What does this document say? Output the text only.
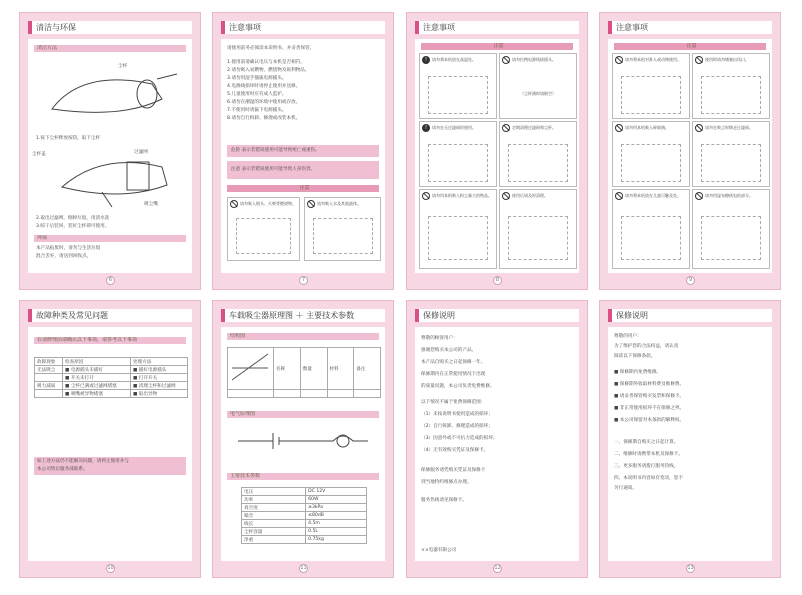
清洁与环保
清洁方法
尘杯
1.按下尘杯释放按钮，取下尘杯
尘杯盖	过滤网
吸尘嘴
2.取出过滤网，倒掉垃圾，用清水洗
3.晾干后装回，装好尘杯即可使用。
环保
本产品报废时，请勿与生活垃圾
混合丢弃，请送到回收点。
6
注意事项
请使用前务必阅读本说明书，并妥善保管。
1.使用前请确认电压与本机是否相符。
2.请勿吸入易燃物、燃烧物及锐利物品。
3.请勿用湿手插拔电源插头。
4.电源线损坏时请停止使用并送修。
5.儿童使用时应有成人监护。
6.请勿在潮湿的环境中使用或存放。
7.不使用时请拔下电源插头。
8.请勿自行拆卸、修理或改装本机。
危险 表示若错误使用可能导致死亡或重伤。
注意 表示若错误使用可能导致人身伤害。
注意
请勿吸入烟头、火柴等燃烧物。	请勿吸入水及其他液体。
7
注意事项
注意
!	请勿将本机放在高温处。	请勿拉拽电源线拔插头。
（尘杯满时请倒空）
!	请勿在无过滤网时使用。	定期清理过滤网和尘杯。
请勿用本机吸入粉尘量大的物品。	使用后请及时清理。
8
注意事项
注意
请勿将本机对准人或动物使用。	使用时请勿堵塞出风口。
请勿用本机吸入碎玻璃。	请勿在吸尘时移走过滤网。
请勿将本机放在儿童可触及处。	请勿用湿布擦拭电机部分。
9
故障种类及常见问题
在请修理前请确认以下事项，请参考以下事项
故障现象	检查原因	处理方法
无法吸尘	■ 电源插头未插好	■ 插好电源插头
	■ 开关未打开	■ 打开开关
吸力减弱	■ 尘杯已满或过滤网堵塞	■ 清理尘杯和过滤网
	■ 吸嘴被异物堵塞	■ 取出异物
如上述方法仍不能解决问题，请停止使用并与
本公司售后服务部联系。
10
车载吸尘器原理图 ＋ 主要技术参数
结构图
	名称	数量	材料	备注

电气原理图
主要技术参数
电压	DC 12V
功率	60W
真空度	≥3kPa
噪音	≤80dB
线长	4.5m
尘杯容量	0.5L
净重	0.75kg
11
保修说明
尊敬的顾客用户：
感谢您购买本公司的产品。
本产品自购买之日起保修一年。
保修期内在正常使用情况下出现
的质量问题，本公司负责免费维修。
以下情况不属于免费保修范围：
（1）未按说明书使用造成的损坏；
（2）自行拆卸、修理造成的损坏；
（3）因意外或不可抗力造成的损坏；
（4）无有效购买凭证及保修卡。
保修服务请凭购买凭证及保修卡
到当地特约维修点办理。
服务热线请见保修卡。
××电器有限公司
12
保修说明
尊敬的用户：
为了维护您的合法权益，请认真
阅读以下保修条款。
■ 保修期内免费维修。
■ 保修期外收取材料费及维修费。
■ 请妥善保管购买发票和保修卡。
■ 非正常使用损坏不在保修之列。
■ 本公司保留对本条款的解释权。
一、保修期自购买之日起计算。
二、维修时请携带本机及保修卡。
三、更多服务请拨打服务热线。
四、本说明书内容如有变动，恕不
另行通知。
13
